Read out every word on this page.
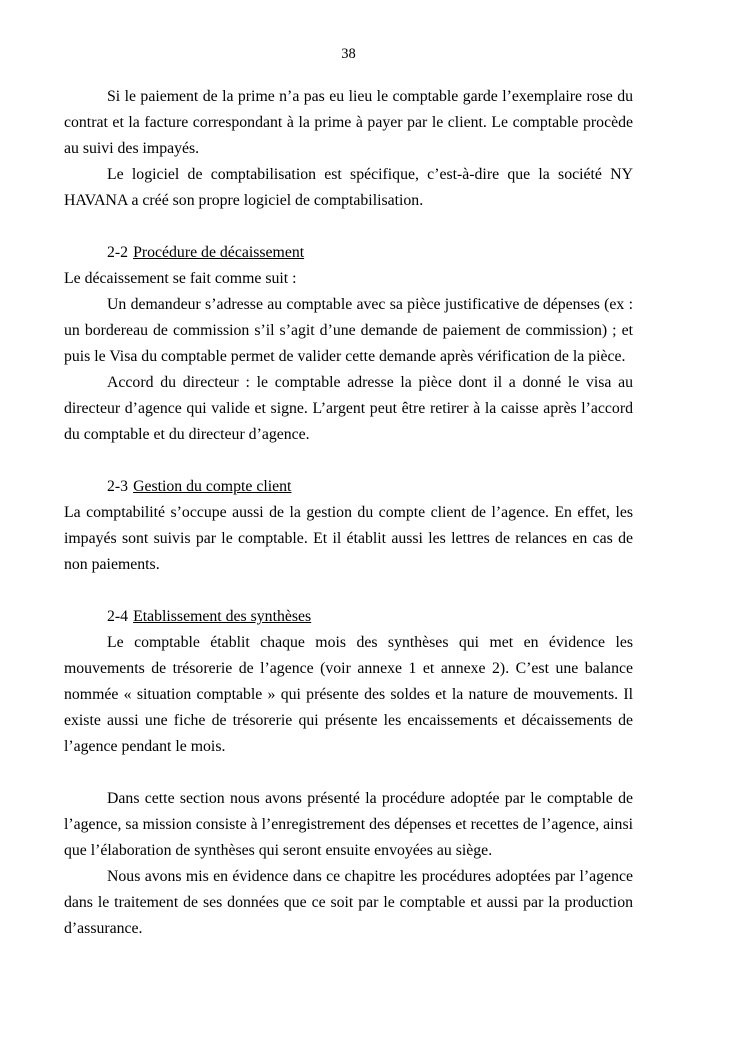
38

Si le paiement de la prime n’a pas eu lieu le comptable garde l’exemplaire rose du contrat et la facture correspondant à la prime à payer par le client. Le comptable procède au suivi des impayés.

Le logiciel de comptabilisation est spécifique, c’est-à-dire que la société NY HAVANA a créé son propre logiciel de comptabilisation.

2-2 Procédure de décaissement

Le décaissement se fait comme suit :

Un demandeur s’adresse au comptable avec sa pièce justificative de dépenses (ex : un bordereau de commission s’il s’agit d’une demande de paiement de commission) ; et puis le Visa du comptable permet de valider cette demande après vérification de la pièce.

Accord du directeur : le comptable adresse la pièce dont il a donné le visa au directeur d’agence qui valide et signe. L’argent peut être retirer à la caisse après l’accord du comptable et du directeur d’agence.

2-3 Gestion du compte client

La comptabilité s’occupe aussi de la gestion du compte client de l’agence. En effet, les impayés sont suivis par le comptable. Et il établit aussi les lettres de relances en cas de non paiements.

2-4 Etablissement des synthèses

Le comptable établit chaque mois des synthèses qui met en évidence les mouvements de trésorerie de l’agence (voir annexe 1 et annexe 2). C’est une balance nommée « situation comptable » qui présente des soldes et la nature de mouvements. Il existe aussi une fiche de trésorerie qui présente les encaissements et décaissements de l’agence pendant le mois.

Dans cette section nous avons présenté la procédure adoptée par le comptable de l’agence, sa mission consiste à l’enregistrement des dépenses et recettes de l’agence, ainsi que l’élaboration de synthèses qui seront ensuite envoyées au siège.

Nous avons mis en évidence dans ce chapitre les procédures adoptées par l’agence dans le traitement de ses données que ce soit par le comptable et aussi par la production d’assurance.
